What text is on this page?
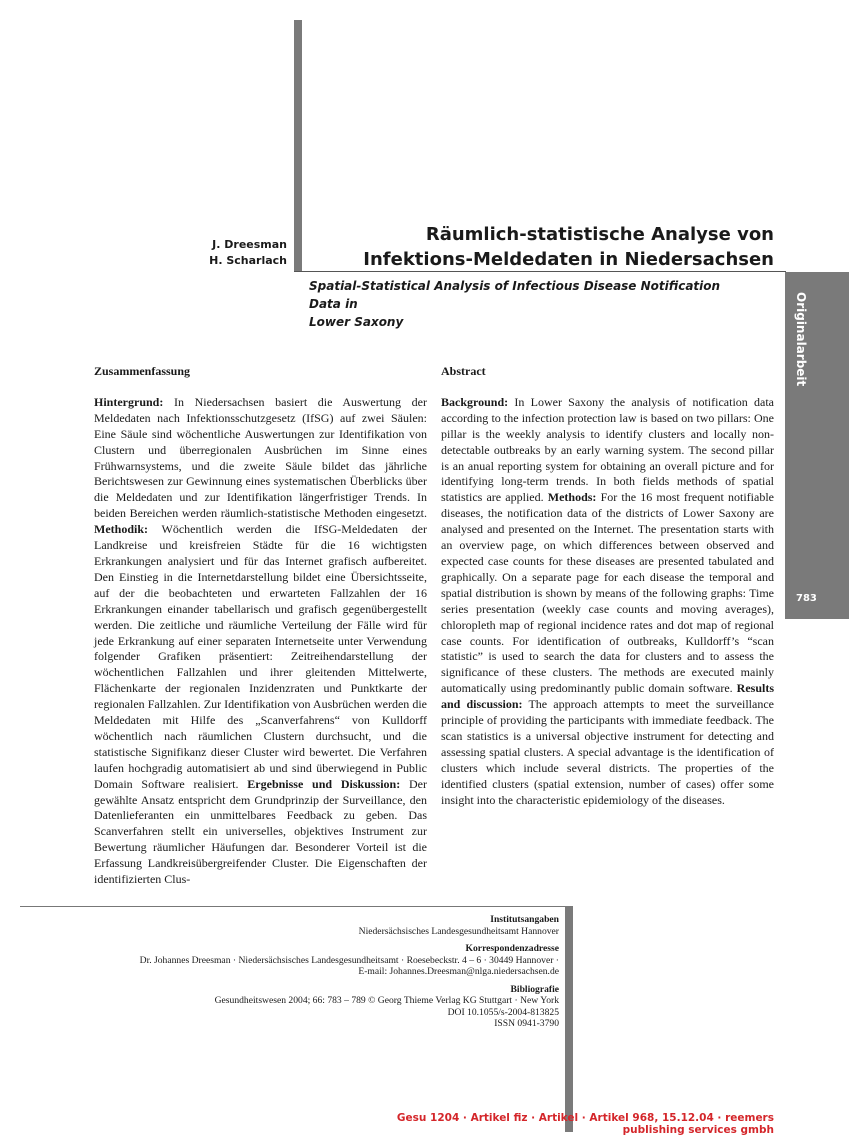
J. Dreesman
H. Scharlach
Räumlich-statistische Analyse von
Infektions-Meldedaten in Niedersachsen
Spatial-Statistical Analysis of Infectious Disease Notification Data in
Lower Saxony	Originalarbeit
783
Zusammenfassung

Hintergrund: In Niedersachsen basiert die Auswertung der Meldedaten nach Infektionsschutzgesetz (IfSG) auf zwei Säulen: Eine Säule sind wöchentliche Auswertungen zur Identifikation von Clustern und überregionalen Ausbrüchen im Sinne eines Frühwarnsystems, und die zweite Säule bildet das jährliche Berichtswesen zur Gewinnung eines systematischen Überblicks über die Meldedaten und zur Identifikation längerfristiger Trends. In beiden Bereichen werden räumlich-statistische Methoden eingesetzt. Methodik: Wöchentlich werden die IfSG-Meldedaten der Landkreise und kreisfreien Städte für die 16 wichtigsten Erkrankungen analysiert und für das Internet grafisch aufbereitet. Den Einstieg in die Internetdarstellung bildet eine Übersichtsseite, auf der die beobachteten und erwarteten Fallzahlen der 16 Erkrankungen einander tabellarisch und grafisch gegenübergestellt werden. Die zeitliche und räumliche Verteilung der Fälle wird für jede Erkrankung auf einer separaten Internetseite unter Verwendung folgender Grafiken präsentiert: Zeitreihendarstellung der wöchentlichen Fallzahlen und ihrer gleitenden Mittelwerte, Flächenkarte der regionalen Inzidenzraten und Punktkarte der regionalen Fallzahlen. Zur Identifikation von Ausbrüchen werden die Meldedaten mit Hilfe des „Scanverfahrens“ von Kulldorff wöchentlich nach räumlichen Clustern durchsucht, und die statistische Signifikanz dieser Cluster wird bewertet. Die Verfahren laufen hochgradig automatisiert ab und sind überwiegend in Public Domain Software realisiert. Ergebnisse und Diskussion: Der gewählte Ansatz entspricht dem Grundprinzip der Surveillance, den Datenlieferanten ein unmittelbares Feedback zu geben. Das Scanverfahren stellt ein universelles, objektives Instrument zur Bewertung räumlicher Häufungen dar. Besonderer Vorteil ist die Erfassung Landkreisübergreifender Cluster. Die Eigenschaften der identifizierten Clus-

Abstract

Background: In Lower Saxony the analysis of notification data according to the infection protection law is based on two pillars: One pillar is the weekly analysis to identify clusters and locally non-detectable outbreaks by an early warning system. The second pillar is an anual reporting system for obtaining an overall picture and for identifying long-term trends. In both fields methods of spatial statistics are applied. Methods: For the 16 most frequent notifiable diseases, the notification data of the districts of Lower Saxony are analysed and presented on the Internet. The presentation starts with an overview page, on which differences between observed and expected case counts for these diseases are presented tabulated and graphically. On a separate page for each disease the temporal and spatial distribution is shown by means of the following graphs: Time series presentation (weekly case counts and moving averages), chloropleth map of regional incidence rates and dot map of regional case counts. For identification of outbreaks, Kulldorff’s “scan statistic” is used to search the data for clusters and to assess the significance of these clusters. The methods are executed mainly automatically using predominantly public domain software. Results and discussion: The approach attempts to meet the surveillance principle of providing the participants with immediate feedback. The scan statistics is a universal objective instrument for detecting and assessing spatial clusters. A special advantage is the identification of clusters which include several districts. The properties of the identified clusters (spatial extension, number of cases) offer some insight into the characteristic epidemiology of the diseases.

Institutsangaben
Niedersächsisches Landesgesundheitsamt Hannover
Korrespondenzadresse
Dr. Johannes Dreesman · Niedersächsisches Landesgesundheitsamt · Roesebeckstr. 4 – 6 · 30449 Hannover ·
E-mail: Johannes.Dreesman@nlga.niedersachsen.de
Bibliografie
Gesundheitswesen 2004; 66: 783 – 789 © Georg Thieme Verlag KG Stuttgart · New York
DOI 10.1055/s-2004-813825
ISSN 0941-3790
Gesu 1204 · Artikel fiz · Artikel · Artikel 968, 15.12.04 · reemers publishing services gmbh
